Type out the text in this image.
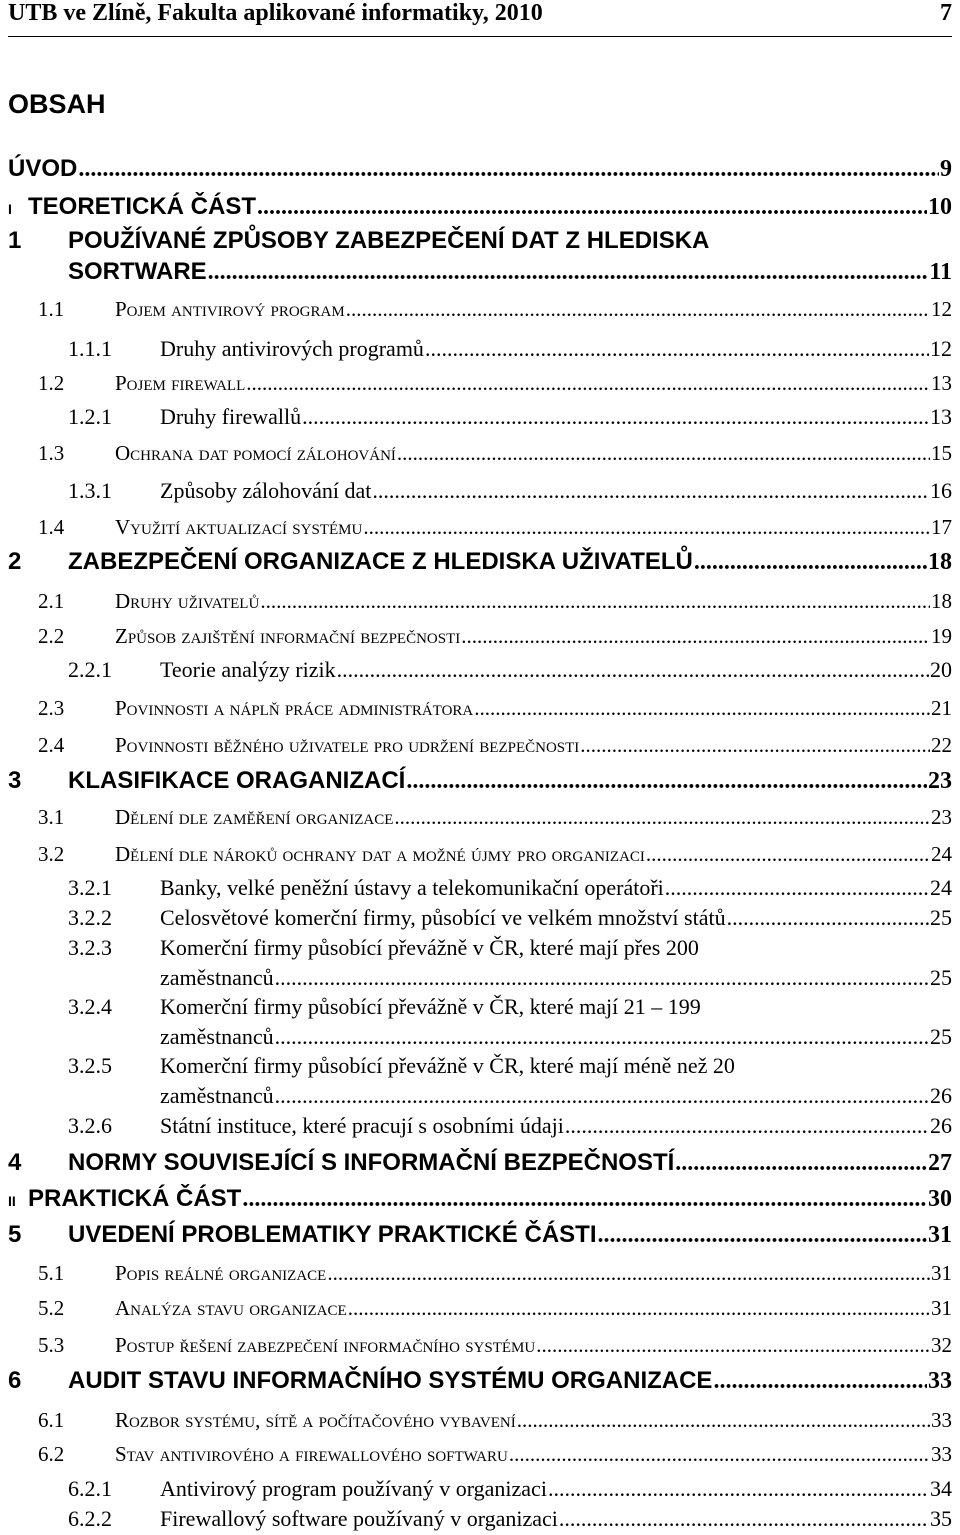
UTB ve Zlíně, Fakulta aplikované informatiky, 2010	7
OBSAH
ÚVOD .....	9
I TEORETICKÁ ČÁST .....	10
1 POUŽÍVANÉ ZPŮSOBY ZABEZPEČENÍ DAT Z HLEDISKA
SORTWARE .....	11
1.1 Pojem antivirový program .....	12
1.1.1 Druhy antivirových programů .....	12
1.2 Pojem firewall .....	13
1.2.1 Druhy firewallů .....	13
1.3 Ochrana dat pomocí zálohování .....	15
1.3.1 Způsoby zálohování dat .....	16
1.4 Využití aktualizací systému .....	17
2 ZABEZPEČENÍ ORGANIZACE Z HLEDISKA UŽIVATELŮ .....	18
2.1 Druhy uživatelů .....	18
2.2 Způsob zajištění informační bezpečnosti .....	19
2.2.1 Teorie analýzy rizik .....	20
2.3 Povinnosti a náplň práce administrátora .....	21
2.4 Povinnosti běžného uživatele pro udržení bezpečnosti .....	22
3 KLASIFIKACE ORAGANIZACÍ .....	23
3.1 Dělení dle zaměření organizace .....	23
3.2 Dělení dle nároků ochrany dat a možné újmy pro organizaci .....	24
3.2.1 Banky, velké peněžní ústavy a telekomunikační operátoři .....	24
3.2.2 Celosvětové komerční firmy, působící ve velkém množství států .....	25
3.2.3 Komerční firmy působící převážně v ČR, které mají přes 200
zaměstnanců .....	25
3.2.4 Komerční firmy působící převážně v ČR, které mají 21 – 199
zaměstnanců .....	25
3.2.5 Komerční firmy působící převážně v ČR, které mají méně než 20
zaměstnanců .....	26
3.2.6 Státní instituce, které pracují s osobními údaji .....	26
4 NORMY SOUVISEJÍCÍ S INFORMAČNÍ BEZPEČNOSTÍ .....	27
II PRAKTICKÁ ČÁST .....	30
5 UVEDENÍ PROBLEMATIKY PRAKTICKÉ ČÁSTI .....	31
5.1 Popis reálné organizace .....	31
5.2 Analýza stavu organizace .....	31
5.3 Postup řešení zabezpečení informačního systému .....	32
6 AUDIT STAVU INFORMAČNÍHO SYSTÉMU ORGANIZACE .....	33
6.1 Rozbor systému, sítě a počítačového vybavení .....	33
6.2 Stav antivirového a firewallového softwaru .....	33
6.2.1 Antivirový program používaný v organizaci .....	34
6.2.2 Firewallový software používaný v organizaci .....	35
